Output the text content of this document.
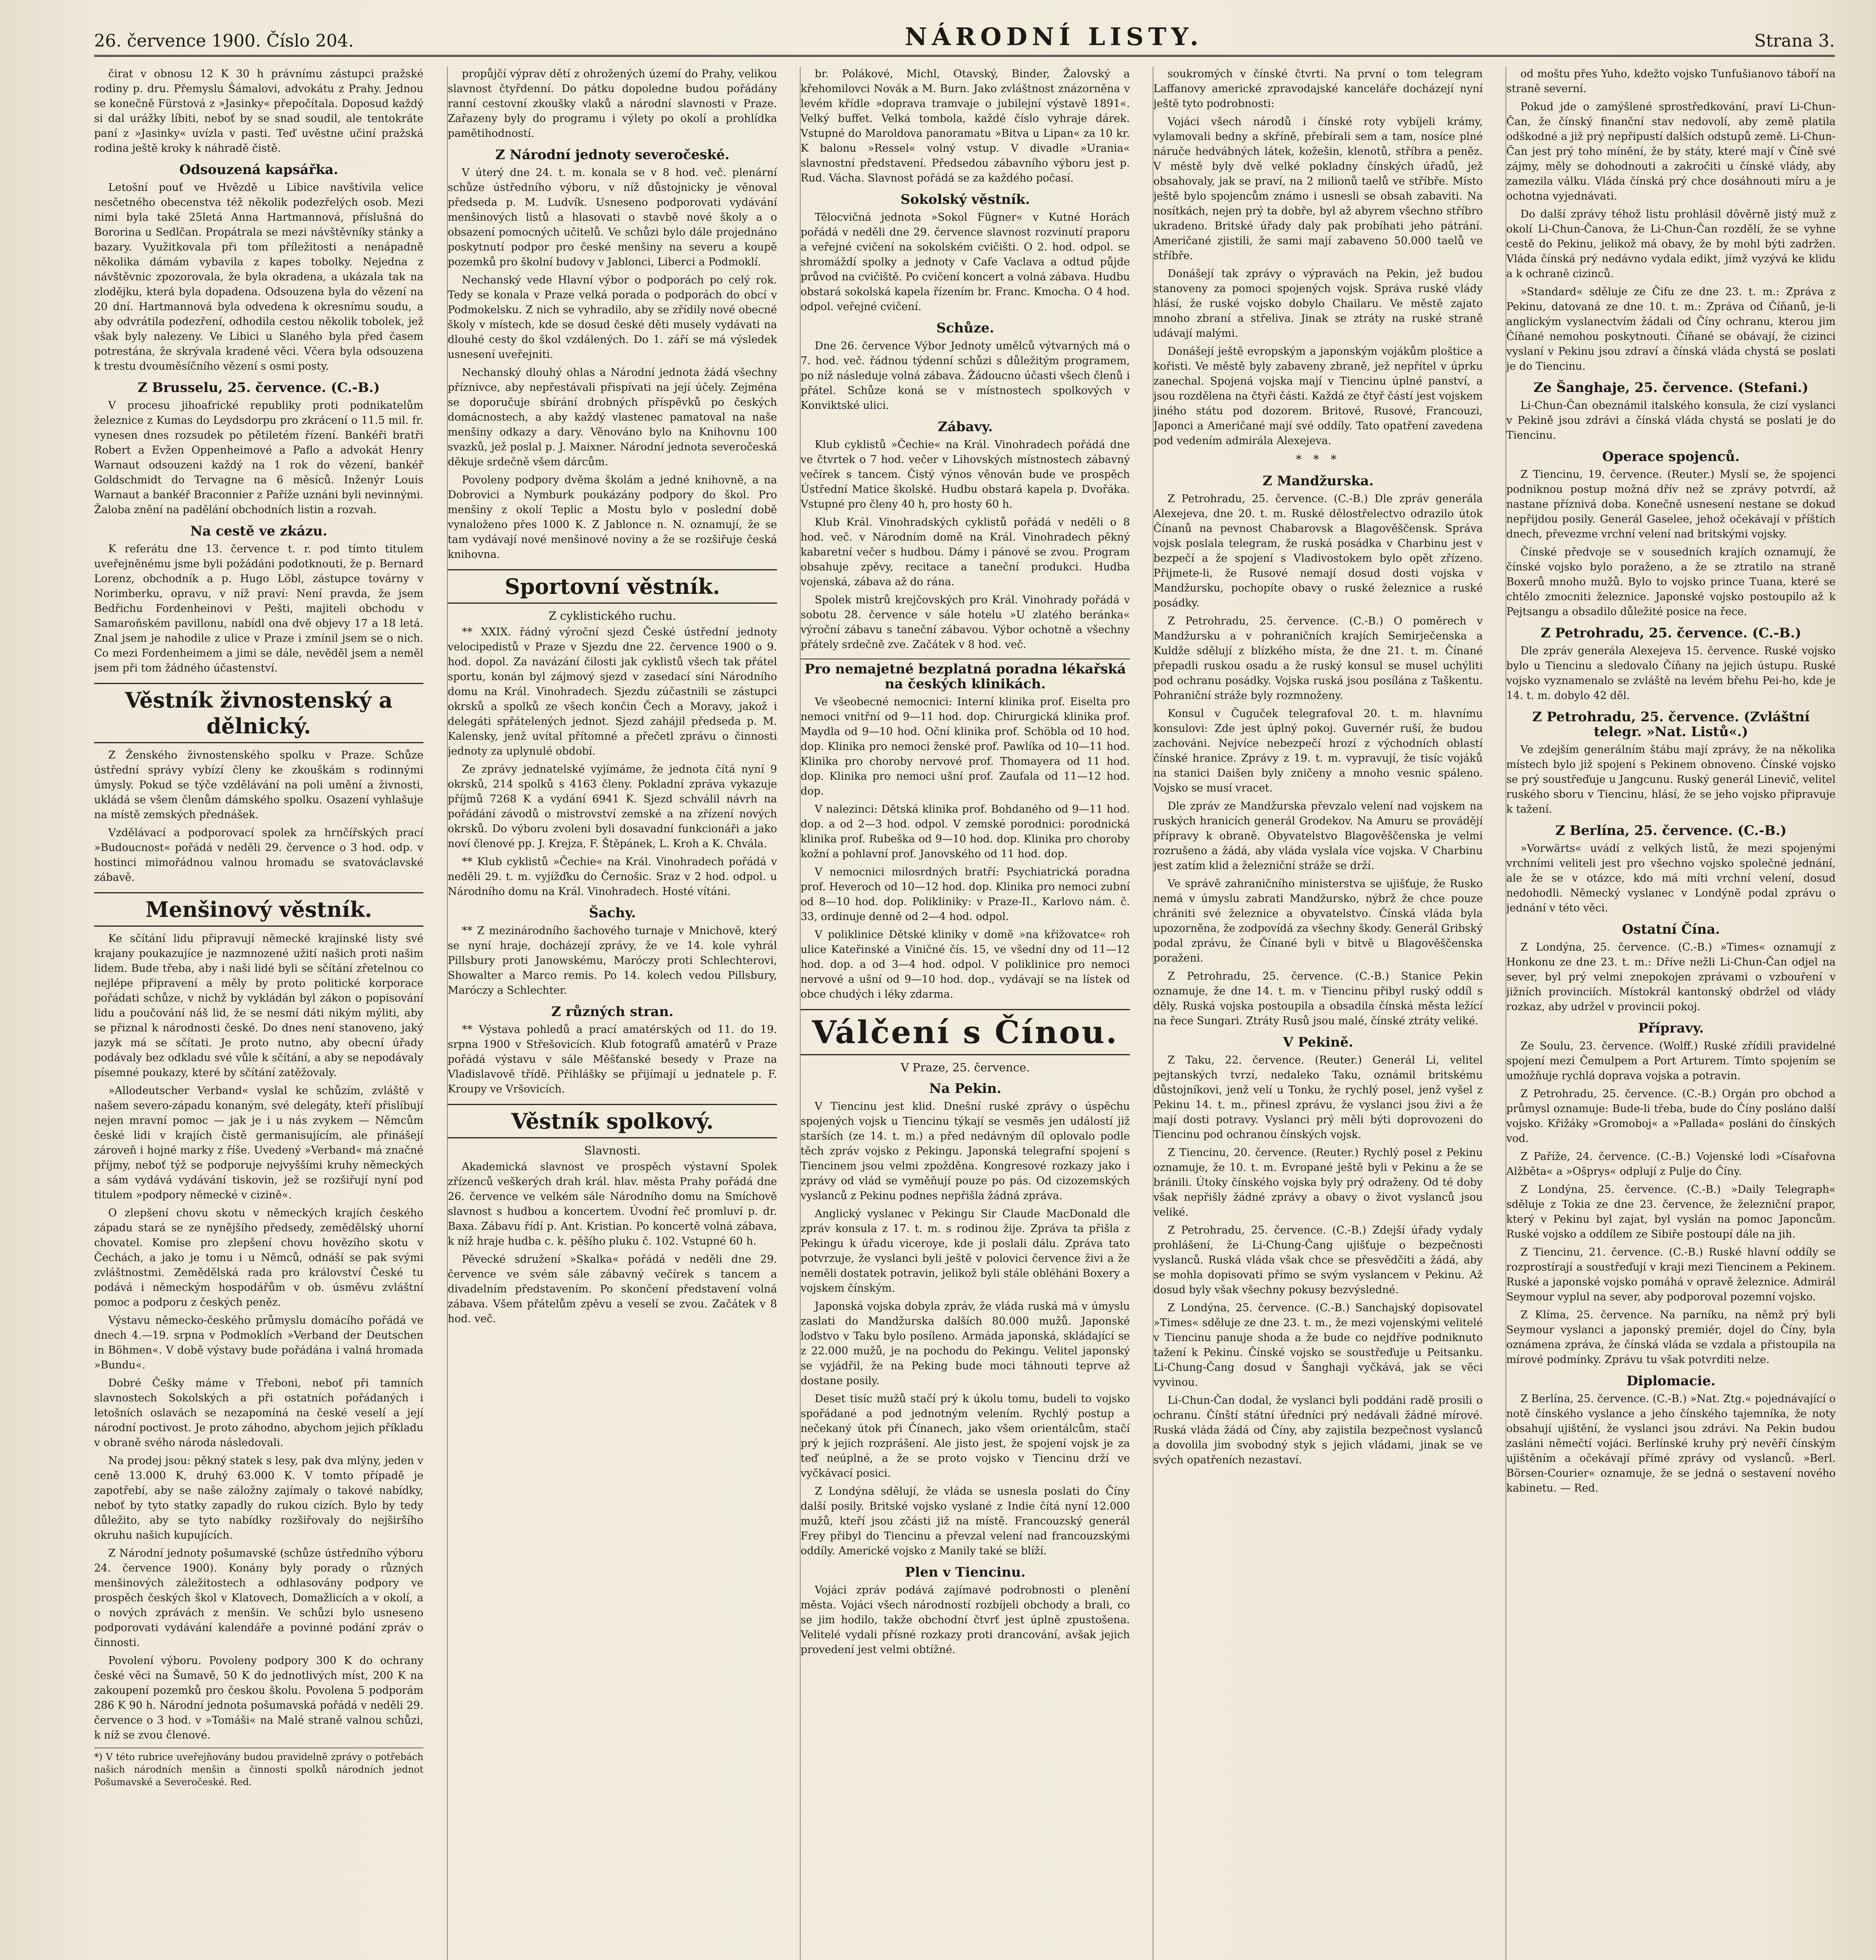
26. července 1900. Číslo 204.	NÁRODNÍ LISTY.	Strana 3.

čirat v obnosu 12 K 30 h právnímu zástupci pražské rodiny p. dru. Přemyslu Šámalovi, advokátu z Prahy. Jednou se konečně Fürstová z »Jasinky« přepočítala. Doposud každý si dal urážky líbiti, neboť by se snad soudil, ale tentokráte paní z »Jasinky« uvízla v pasti. Teď uvěstne učiní pražská rodina ještě kroky k náhradě čistě.

Odsouzená kapsářka.

Letošní pouť ve Hvězdě u Libice navštívila velice nesčetného obecenstva též několik podezřelých osob. Mezi nimi byla také 25letá Anna Hartmannová, příslušná do Bororina u Sedlčan. Propátrala se mezi návštěvníky stánky a bazary. Využitkovala při tom příležitosti a nenápadně několika dámám vybavila z kapes tobolky. Nejedna z návštěvnic zpozorovala, že byla okradena, a ukázala tak na zlodějku, která byla dopadena. Odsouzena byla do vězení na 20 dní. Hartmannová byla odvedena k okresnímu soudu, a aby odvrátila podezření, odhodila cestou několik tobolek, jež však byly nalezeny. Ve Libici u Slaného byla před časem potrestána, že skrývala kradené věci. Včera byla odsouzena k trestu dvouměsíčního vězení s osmi posty.

Z Brusselu, 25. července. (C.-B.)

V procesu jihoafrické republiky proti podnikatelům železnice z Kumas do Leydsdorpu pro zkrácení o 11.5 mil. fr. vynesen dnes rozsudek po pětiletém řízení. Bankéři bratři Robert a Evžen Oppenheimové a Paflo a advokát Henry Warnaut odsouzeni každý na 1 rok do vězení, bankéř Goldschmidt do Tervagne na 6 měsíců. Inženýr Louis Warnaut a bankéř Braconnier z Paříže uznáni byli nevinnými. Žaloba znění na padělání obchodních listin a rozvah.

Na cestě ve zkázu.

K referátu dne 13. července t. r. pod tímto titulem uveřejněnému jsme byli požádáni podotknouti, že p. Bernard Lorenz, obchodník a p. Hugo Löbl, zástupce továrny v Norimberku, opravu, v níž praví: Není pravda, že jsem Bedřichu Fordenheinovi v Pešti, majiteli obchodu v Samaroňském pavillonu, nabídl ona dvě objevy 17 a 18 letá. Znal jsem je nahodile z ulice v Praze i zmínil jsem se o nich. Co mezi Fordenheimem a jimi se dále, nevěděl jsem a neměl jsem při tom žádného účastenství.

Věstník živnostenský a dělnický.

Z Ženského živnostenského spolku v Praze. Schůze ústřední správy vybízí členy ke zkouškám s rodinnými úmysly. Pokud se týče vzdělávání na poli umění a živnosti, ukládá se všem členům dámského spolku. Osazení vyhlašuje na místě zemských přednášek.

Vzdělávací a podporovací spolek za hrnčířských prací »Budoucnost« pořádá v neděli 29. července o 3 hod. odp. v hostinci mimořádnou valnou hromadu se svatováclavské zábavě.

Menšinový věstník.

Ke sčítání lidu připravují německé krajinské listy své krajany poukazujíce je nazmnozené užití našich proti našim lidem. Bude třeba, aby i naši lidé byli se sčítání zřetelnou co nejlépe připravení a měly by proto politické korporace pořádati schůze, v nichž by vykládán byl zákon o popisování lidu a poučování náš lid, že se nesmí dáti nikým mýliti, aby se přiznal k národnosti české. Do dnes není stanoveno, jaký jazyk má se sčítati. Je proto nutno, aby obecní úřady podávaly bez odkladu své vůle k sčítání, a aby se nepodávaly písemné poukazy, které by sčítání zatěžovaly.

»Allodeutscher Verband« vyslal ke schůzím, zvláště v našem severo-západu konaným, své delegáty, kteří přislíbují nejen mravní pomoc — jak je i u nás zvykem — Němcům české lidi v krajích čistě germanisujícím, ale přinášejí zároveň i hojné marky z říše. Uvedený »Verband« má značné příjmy, neboť týž se podporuje nejvyššími kruhy německých a sám vydává vydávání tiskovin, jež se rozšiřují nyní pod titulem »podpory německé v cizině«.

O zlepšení chovu skotu v německých krajích českého západu stará se ze nynějšího předsedy, zemědělský uhorní chovatel. Komise pro zlepšení chovu hovězího skotu v Čechách, a jako je tomu i u Němců, odnáší se pak svými zvláštnostmi. Zemědělská rada pro království České tu podává i německým hospodářům v ob. úsměvu zvláštní pomoc a podporu z českých peněz.

Výstavu německo-českého průmyslu domácího pořádá ve dnech 4.—19. srpna v Podmoklích »Verband der Deutschen in Böhmen«. V době výstavy bude pořádána i valná hromada »Bundu«.

Dobré Češky máme v Třeboni, neboť při tamních slavnostech Sokolských a při ostatních pořádaných i letošních oslavách se nezapomíná na české veselí a její národní poctivost. Je proto záhodno, abychom jejich příkladu v obraně svého národa následovali.

Na prodej jsou: pěkný statek s lesy, pak dva mlýny, jeden v ceně 13.000 K, druhý 63.000 K. V tomto případě je zapotřebí, aby se naše záložny zajímaly o takové nabídky, neboť by tyto statky zapadly do rukou cizích. Bylo by tedy důležito, aby se tyto nabídky rozšiřovaly do nejširšího okruhu našich kupujících.

Z Národní jednoty pošumavské (schůze ústředního výboru 24. července 1900). Konány byly porady o různých menšinových záležitostech a odhlasovány podpory ve prospěch českých škol v Klatovech, Domažlicích a v okolí, a o nových zprávách z menšin. Ve schůzi bylo usneseno podporovati vydávání kalendáře a povinné podání zpráv o činnosti.

Povolení výboru. Povoleny podpory 300 K do ochrany české věci na Šumavě, 50 K do jednotlivých míst, 200 K na zakoupení pozemků pro českou školu. Povolena 5 podporám 286 K 90 h. Národní jednota pošumavská pořádá v neděli 29. července o 3 hod. v »Tomáši« na Malé straně valnou schůzi, k níž se zvou členové.

*) V této rubrice uveřejňovány budou pravidelně zprávy o potřebách našich národních menšin a činnosti spolků národních jednot Pošumavské a Severočeské. Red.

propůjčí výprav dětí z ohrožených území do Prahy, velikou slavnost čtyřdenní. Do pátku dopoledne budou pořádány ranní cestovní zkoušky vlaků a národní slavnosti v Praze. Zařazeny byly do programu i výlety po okolí a prohlídka pamětihodností.

Z Národní jednoty severočeské.

V úterý dne 24. t. m. konala se v 8 hod. več. plenární schůze ústředního výboru, v níž důstojnicky je věnoval předseda p. M. Ludvík. Usneseno podporovati vydávání menšinových listů a hlasovati o stavbě nové školy a o obsazení pomocných učitelů. Ve schůzi bylo dále projednáno poskytnutí podpor pro české menšiny na severu a koupě pozemků pro školní budovy v Jablonci, Liberci a Podmoklí.

Nechanský vede Hlavní výbor o podporách po celý rok. Tedy se konala v Praze velká porada o podporách do obcí v Podmokelsku. Z nich se vyhradilo, aby se zřídily nové obecné školy v místech, kde se dosud české děti musely vydávati na dlouhé cesty do škol vzdálených. Do 1. září se má výsledek usnesení uveřejniti.

Nechanský dlouhý ohlas a Národní jednota žádá všechny příznivce, aby nepřestávali přispívati na její účely. Zejména se doporučuje sbírání drobných příspěvků po českých domácnostech, a aby každý vlastenec pamatoval na naše menšiny odkazy a dary. Věnováno bylo na Knihovnu 100 svazků, jež poslal p. J. Maixner. Národní jednota severočeská děkuje srdečně všem dárcům.

Povoleny podpory dvěma školám a jedné knihovně, a na Dobrovici a Nymburk poukázány podpory do škol. Pro menšiny z okolí Teplic a Mostu bylo v poslední době vynaloženo přes 1000 K. Z Jablonce n. N. oznamují, že se tam vydávají nové menšinové noviny a že se rozšiřuje česká knihovna.

Sportovní věstník.
Z cyklistického ruchu.

** XXIX. řádný výroční sjezd České ústřední jednoty velocipedistů v Praze v Sjezdu dne 22. července 1900 o 9. hod. dopol. Za navázání čilosti jak cyklistů všech tak přátel sportu, konán byl zájmový sjezd v zasedací síni Národního domu na Král. Vinohradech. Sjezdu zúčastnili se zástupci okrsků a spolků ze všech končin Čech a Moravy, jakož i delegáti spřátelených jednot. Sjezd zahájil předseda p. M. Kalensky, jenž uvítal přítomné a přečetl zprávu o činnosti jednoty za uplynulé období.

Ze zprávy jednatelské vyjímáme, že jednota čítá nyní 9 okrsků, 214 spolků s 4163 členy. Pokladní zpráva vykazuje příjmů 7268 K a vydání 6941 K. Sjezd schválil návrh na pořádání závodů o mistrovství zemské a na zřízení nových okrsků. Do výboru zvoleni byli dosavadní funkcionáři a jako noví členové pp. J. Krejza, F. Štěpánek, L. Kroh a K. Chvála.

** Klub cyklistů »Čechie« na Král. Vinohradech pořádá v neděli 29. t. m. vyjížďku do Černošic. Sraz v 2 hod. odpol. u Národního domu na Král. Vinohradech. Hosté vítáni.

Šachy.

** Z mezinárodního šachového turnaje v Mnichově, který se nyní hraje, docházejí zprávy, že ve 14. kole vyhrál Pillsbury proti Janowskému, Maróczy proti Schlechterovi, Showalter a Marco remis. Po 14. kolech vedou Pillsbury, Maróczy a Schlechter.

Z různých stran.

** Výstava pohledů a prací amatérských od 11. do 19. srpna 1900 v Střešovicích. Klub fotografů amatérů v Praze pořádá výstavu v sále Měšťanské besedy v Praze na Vladislavově třídě. Přihlášky se přijímají u jednatele p. F. Kroupy ve Vršovicích.

Věstník spolkový.
Slavnosti.

Akademická slavnost ve prospěch výstavní Spolek zřízenců veškerých drah král. hlav. města Prahy pořádá dne 26. července ve velkém sále Národního domu na Smíchově slavnost s hudbou a koncertem. Úvodní řeč promluví p. dr. Baxa. Zábavu řídí p. Ant. Kristian. Po koncertě volná zábava, k níž hraje hudba c. k. pěšího pluku č. 102. Vstupné 60 h.

Pěvecké sdružení »Skalka« pořádá v neděli dne 29. července ve svém sále zábavný večírek s tancem a divadelním představením. Po skončení představení volná zábava. Všem přátelům zpěvu a veselí se zvou. Začátek v 8 hod. več.

br. Polákové, Michl, Otavský, Binder, Žalovský a křehomilovci Novák a M. Burn. Jako zvláštnost znázorněna v levém křídle »doprava tramvaje o jubilejní výstavě 1891«. Velký buffet. Velká tombola, každé číslo vyhraje dárek. Vstupné do Maroldova panoramatu »Bitva u Lipan« za 10 kr. K balonu »Ressel« volný vstup. V divadle »Urania« slavnostní představení. Předsedou zábavního výboru jest p. Rud. Vácha. Slavnost pořádá se za každého počasí.

Sokolský věstník.

Tělocvičná jednota »Sokol Fügner« v Kutné Horách pořádá v neděli dne 29. července slavnost rozvinutí praporu a veřejné cvičení na sokolském cvičišti. O 2. hod. odpol. se shromáždí spolky a jednoty v Cafe Vaclava a odtud půjde průvod na cvičiště. Po cvičení koncert a volná zábava. Hudbu obstará sokolská kapela řízením br. Franc. Kmocha. O 4 hod. odpol. veřejné cvičení.

Schůze.

Dne 26. července Výbor Jednoty umělců výtvarných má o 7. hod. več. řádnou týdenní schůzi s důležitým programem, po níž následuje volná zábava. Žádoucno účasti všech členů i přátel. Schůze koná se v místnostech spolkových v Konviktské ulici.

Zábavy.

Klub cyklistů »Čechie« na Král. Vinohradech pořádá dne ve čtvrtek o 7 hod. večer v Lihovských místnostech zábavný večírek s tancem. Čistý výnos věnován bude ve prospěch Ústřední Matice školské. Hudbu obstará kapela p. Dvořáka. Vstupné pro členy 40 h, pro hosty 60 h.

Klub Král. Vinohradských cyklistů pořádá v neděli o 8 hod. več. v Národním domě na Král. Vinohradech pěkný kabaretní večer s hudbou. Dámy i pánové se zvou. Program obsahuje zpěvy, recitace a taneční produkci. Hudba vojenská, zábava až do rána.

Spolek mistrů krejčovských pro Král. Vinohrady pořádá v sobotu 28. července v sále hotelu »U zlatého beránka« výroční zábavu s taneční zábavou. Výbor ochotně a všechny přátely srdečně zve. Začátek v 8 hod. več.

Pro nemajetné bezplatná poradna lékařská na českých klinikách.

Ve všeobecné nemocnici: Interní klinika prof. Eiselta pro nemoci vnitřní od 9—11 hod. dop. Chirurgická klinika prof. Maydla od 9—10 hod. Oční klinika prof. Schöbla od 10 hod. dop. Klinika pro nemoci ženské prof. Pawlíka od 10—11 hod. Klinika pro choroby nervové prof. Thomayera od 11 hod. dop. Klinika pro nemoci ušní prof. Zaufala od 11—12 hod. dop.

V nalezinci: Dětská klinika prof. Bohdaného od 9—11 hod. dop. a od 2—3 hod. odpol. V zemské porodnici: porodnická klinika prof. Rubeška od 9—10 hod. dop. Klinika pro choroby kožní a pohlavní prof. Janovského od 11 hod. dop.

V nemocnici milosrdných bratří: Psychiatrická poradna prof. Heveroch od 10—12 hod. dop. Klinika pro nemoci zubní od 8—10 hod. dop. Polikliniky: v Praze-II., Karlovo nám. č. 33, ordinuje denně od 2—4 hod. odpol.

V poliklinice Dětské kliniky v domě »na křižovatce« roh ulice Kateřinské a Viničné čís. 15, ve všední dny od 11—12 hod. dop. a od 3—4 hod. odpol. V poliklinice pro nemoci nervové a ušní od 9—10 hod. dop., vydávají se na lístek od obce chudých i léky zdarma.

Válčení s Čínou.
V Praze, 25. července.
Na Pekin.

V Tiencinu jest klid. Dnešní ruské zprávy o úspěchu spojených vojsk u Tiencinu týkají se vesměs jen událostí již starších (ze 14. t. m.) a před nedávným díl oplovalo podle těch zpráv vojsko z Pekingu. Japonská telegrafní spojení s Tiencinem jsou velmi zpožděna. Kongresové rozkazy jako i zprávy od vlád se vyměňují pouze po pás. Od cizozemských vyslanců z Pekinu podnes nepřišla žádná zpráva.

Anglický vyslanec v Pekingu Sir Claude MacDonald dle zpráv konsula z 17. t. m. s rodinou žije. Zpráva ta přišla z Pekingu k úřadu viceroye, kde ji poslali dálu. Zpráva tato potvrzuje, že vyslanci byli ještě v polovici července živi a že neměli dostatek potravin, jelikož byli stále obléháni Boxery a vojskem čínským.

Japonská vojska dobyla zpráv, že vláda ruská má v úmyslu zaslati do Mandžurska dalších 80.000 mužů. Japonské loďstvo v Taku bylo posíleno. Armáda japonská, skládající se z 22.000 mužů, je na pochodu do Pekingu. Velitel japonský se vyjádřil, že na Peking bude moci táhnouti teprve až dostane posily.

Deset tisíc mužů stačí prý k úkolu tomu, budeli to vojsko spořádané a pod jednotným velením. Rychlý postup a nečekaný útok při Čínanech, jako všem orientálcům, stačí prý k jejich rozprášení. Ale jisto jest, že spojení vojsk je za teď neúplné, a že se proto vojsko v Tiencinu drží ve vyčkávací posici.

Z Londýna sdělují, že vláda se usnesla poslati do Číny další posily. Britské vojsko vyslané z Indie čítá nyní 12.000 mužů, kteří jsou zčásti již na místě. Francouzský generál Frey přibyl do Tiencinu a převzal velení nad francouzskými oddíly. Americké vojsko z Manily také se blíží.

Plen v Tiencinu.

Vojáci zpráv podává zajímavé podrobnosti o plenění města. Vojáci všech národností rozbíjeli obchody a brali, co se jim hodilo, takže obchodní čtvrť jest úplně zpustošena. Velitelé vydali přísné rozkazy proti drancování, avšak jejich provedení jest velmi obtížné.

soukromých v čínské čtvrti. Na první o tom telegram Laffanovy americké zpravodajské kanceláře docházejí nyní ještě tyto podrobnosti:

Vojáci všech národů i čínské roty vybíjeli krámy, vylamovali bedny a skříně, přebírali sem a tam, nosíce plné náruče hedvábných látek, kožešin, klenotů, stříbra a peněz. V městě byly dvě velké pokladny čínských úřadů, jež obsahovaly, jak se praví, na 2 milionů taelů ve stříbře. Místo ještě bylo spojencům známo i usnesli se obsah zabaviti. Na nosítkách, nejen prý ta dobře, byl až abyrem všechno stříbro ukradeno. Britské úřady daly pak probíhati jeho pátrání. Američané zjistili, že sami mají zabaveno 50.000 taelů ve stříbře.

Donášejí tak zprávy o výpravách na Pekin, jež budou stanoveny za pomoci spojených vojsk. Správa ruské vlády hlásí, že ruské vojsko dobylo Chailaru. Ve městě zajato mnoho zbraní a střeliva. Jinak se ztráty na ruské straně udávají malými.

Donášejí ještě evropským a japonským vojákům ploštice a kořisti. Ve městě byly zabaveny zbraně, jež nepřítel v úprku zanechal. Spojená vojska mají v Tiencinu úplné panství, a jsou rozdělena na čtyři části. Každá ze čtyř částí jest vojskem jiného státu pod dozorem. Britové, Rusové, Francouzi, Japonci a Američané mají své oddíly. Tato opatření zavedena pod vedením admirála Alexejeva.

* * *
Z Mandžurska.

Z Petrohradu, 25. července. (C.-B.) Dle zpráv generála Alexejeva, dne 20. t. m. Ruské dělostřelectvo odrazilo útok Čínanů na pevnost Chabarovsk a Blagověščensk. Správa vojsk poslala telegram, že ruská posádka v Charbinu jest v bezpečí a že spojení s Vladivostokem bylo opět zřízeno. Přijmete-li, že Rusové nemají dosud dosti vojska v Mandžursku, pochopíte obavy o ruské železnice a ruské posádky.

Z Petrohradu, 25. července. (C.-B.) O poměrech v Mandžursku a v pohraničních krajích Semirječenska a Kuldže sdělují z blízkého místa, že dne 21. t. m. Čínané přepadli ruskou osadu a že ruský konsul se musel uchýliti pod ochranu posádky. Vojska ruská jsou posílána z Taškentu. Pohraniční stráže byly rozmnoženy.

Konsul v Čuguček telegrafoval 20. t. m. hlavnímu konsulovi: Zde jest úplný pokoj. Guvernér ruší, že budou zachováni. Nejvíce nebezpečí hrozí z východních oblastí čínské hranice. Zprávy z 19. t. m. vypravují, že tisíc vojáků na stanici Daišen byly zničeny a mnoho vesnic spáleno. Vojsko se musí vracet.

Dle zpráv ze Mandžurska převzalo velení nad vojskem na ruských hranicích generál Grodekov. Na Amuru se provádějí přípravy k obraně. Obyvatelstvo Blagověščenska je velmi rozrušeno a žádá, aby vláda vyslala více vojska. V Charbinu jest zatím klid a železniční stráže se drží.

Ve správě zahraničního ministerstva se ujišťuje, že Rusko nemá v úmyslu zabrati Mandžursko, nýbrž že chce pouze chrániti své železnice a obyvatelstvo. Čínská vláda byla upozorněna, že zodpovídá za všechny škody. Generál Gribský podal zprávu, že Čínané byli v bitvě u Blagověščenska poraženi.

Z Petrohradu, 25. července. (C.-B.) Stanice Pekin oznamuje, že dne 14. t. m. v Tiencinu přibyl ruský oddíl s děly. Ruská vojska postoupila a obsadila čínská města ležící na řece Sungari. Ztráty Rusů jsou malé, čínské ztráty veliké.

V Pekině.

Z Taku, 22. července. (Reuter.) Generál Li, velitel pejtanských tvrzí, nedaleko Taku, oznámil britskému důstojníkovi, jenž velí u Tonku, že rychlý posel, jenž vyšel z Pekinu 14. t. m., přinesl zprávu, že vyslanci jsou živi a že mají dosti potravy. Vyslanci prý měli býti doprovozeni do Tiencinu pod ochranou čínských vojsk.

Z Tiencinu, 20. července. (Reuter.) Rychlý posel z Pekinu oznamuje, že 10. t. m. Evropané ještě byli v Pekinu a že se bránili. Útoky čínského vojska byly prý odraženy. Od té doby však nepřišly žádné zprávy a obavy o život vyslanců jsou veliké.

Z Petrohradu, 25. července. (C.-B.) Zdejší úřady vydaly prohlášení, že Li-Chung-Čang ujišťuje o bezpečnosti vyslanců. Ruská vláda však chce se přesvědčiti a žádá, aby se mohla dopisovati přímo se svým vyslancem v Pekinu. Až dosud byly však všechny pokusy bezvýsledné.

Z Londýna, 25. července. (C.-B.) Sanchajský dopisovatel »Times« sděluje ze dne 23. t. m., že mezi vojenskými velitelé v Tiencinu panuje shoda a že bude co nejdříve podniknuto tažení k Pekinu. Čínské vojsko se soustřeďuje u Peitsanku. Li-Chung-Čang dosud v Šanghaji vyčkává, jak se věci vyvinou.

Li-Chun-Čan dodal, že vyslanci byli poddáni radě prosili o ochranu. Čínští státní úředníci prý nedávali žádné mírové. Ruská vláda žádá od Číny, aby zajistila bezpečnost vyslanců a dovolila jim svobodný styk s jejich vládami, jinak se ve svých opatřeních nezastaví.

od moštu přes Yuho, kdežto vojsko Tunfušianovo táboří na straně severní.

Pokud jde o zamýšlené sprostředkování, praví Li-Chun-Čan, že čínský finanční stav nedovolí, aby země platila odškodné a již prý nepřipustí dalších odstupů země. Li-Chun-Čan jest prý toho mínění, že by státy, které mají v Číně své zájmy, měly se dohodnouti a zakročiti u čínské vlády, aby zamezila válku. Vláda čínská prý chce dosáhnouti míru a je ochotna vyjednávati.

Do další zprávy téhož listu prohlásil dôvěrně jistý muž z okolí Li-Chun-Čanova, že Li-Chun-Čan rozdělí, že se vyhne cestě do Pekinu, jelikož má obavy, že by mohl býti zadržen. Vláda čínská prý nedávno vydala edikt, jímž vyzývá ke klidu a k ochraně cizinců.

»Standard« sděluje ze Čifu ze dne 23. t. m.: Zpráva z Pekinu, datovaná ze dne 10. t. m.: Zpráva od Číňanů, je-li anglickým vyslanectvím žádali od Číny ochranu, kterou jim Číňané nemohou poskytnouti. Číňané se obávají, že cizinci vyslaní v Pekinu jsou zdraví a čínská vláda chystá se poslati je do Tiencinu.

Ze Šanghaje, 25. července. (Stefani.)

Li-Chun-Čan obeznámil italského konsula, že cizí vyslanci v Pekině jsou zdrávi a čínská vláda chystá se poslati je do Tiencinu.

Operace spojenců.

Z Tiencinu, 19. července. (Reuter.) Myslí se, že spojenci podniknou postup možná dřív než se zprávy potvrdí, až nastane příznivá doba. Konečně usnesení nestane se dokud nepřijdou posily. Generál Gaselee, jehož očekávají v příštích dnech, převezme vrchní velení nad britskými vojsky.

Čínské předvoje se v sousedních krajích oznamují, že čínské vojsko bylo poraženo, a že se ztratilo na straně Boxerů mnoho mužů. Bylo to vojsko prince Tuana, které se chtělo zmocniti železnice. Japonské vojsko postoupilo až k Pejtsangu a obsadilo důležité posice na řece.

Z Petrohradu, 25. července. (C.-B.)

Dle zpráv generála Alexejeva 15. července. Ruské vojsko bylo u Tiencinu a sledovalo Číňany na jejich ústupu. Ruské vojsko vyznamenalo se zvláště na levém břehu Pei-ho, kde je 14. t. m. dobylo 42 děl.

Z Petrohradu, 25. července. (Zvláštní telegr. »Nat. Listů«.)

Ve zdejším generálním štábu mají zprávy, že na několika místech bylo již spojení s Pekinem obnoveno. Čínské vojsko se prý soustřeďuje u Jangcunu. Ruský generál Linevič, velitel ruského sboru v Tiencinu, hlásí, že se jeho vojsko připravuje k tažení.

Z Berlína, 25. července. (C.-B.)

»Vorwärts« uvádí z velkých listů, že mezi spojenými vrchními veliteli jest pro všechno vojsko společné jednání, ale že se v otázce, kdo má míti vrchní velení, dosud nedohodli. Německý vyslanec v Londýně podal zprávu o jednání v této věci.

Ostatní Čína.

Z Londýna, 25. července. (C.-B.) »Times« oznamují z Honkonu ze dne 23. t. m.: Dříve nežli Li-Chun-Čan odjel na sever, byl prý velmi znepokojen zprávami o vzbouření v jižních provinciích. Místokrál kantonský obdržel od vlády rozkaz, aby udržel v provincii pokoj.

Přípravy.

Ze Soulu, 23. července. (Wolff.) Ruské zřídili pravidelné spojení mezi Čemulpem a Port Arturem. Tímto spojením se umožňuje rychlá doprava vojska a potravin.

Z Petrohradu, 25. července. (C.-B.) Orgán pro obchod a průmysl oznamuje: Bude-li třeba, bude do Číny posláno další vojsko. Křižáky »Gromoboj« a »Pallada« posláni do čínských vod.

Z Paříže, 24. července. (C.-B.) Vojenské lodi »Císařovna Alžběta« a »Ošprys« odplují z Pulje do Číny.

Z Londýna, 25. července. (C.-B.) »Daily Telegraph« sděluje z Tokia ze dne 23. července, že železniční prapor, který v Pekinu byl zajat, byl vyslán na pomoc Japoncům. Ruské vojsko a oddílem ze Sibiře postoupí dále na jih.

Z Tiencinu, 21. července. (C.-B.) Ruské hlavní oddíly se rozprostírají a soustřeďují v kraji mezi Tiencinem a Pekinem. Ruské a japonské vojsko pomáhá v opravě železnice. Admirál Seymour vyplul na sever, aby podporoval pozemní vojsko.

Z Klíma, 25. července. Na parníku, na němž prý byli Seymour vyslanci a japonský premiér, dojel do Číny, byla oznámena zpráva, že čínská vláda se vzdala a přistoupila na mírové podmínky. Zprávu tu však potvrditi nelze.

Diplomacie.

Z Berlína, 25. července. (C.-B.) »Nat. Ztg.« pojednávající o notě čínského vyslance a jeho čínského tajemníka, že noty obsahují ujištění, že vyslanci jsou zdrávi. Na Pekin budou zasláni němečtí vojáci. Berlínské kruhy prý nevěří čínským ujištěním a očekávají přímé zprávy od vyslanců. »Berl. Börsen-Courier« oznamuje, že se jedná o sestavení nového kabinetu. — Red.
